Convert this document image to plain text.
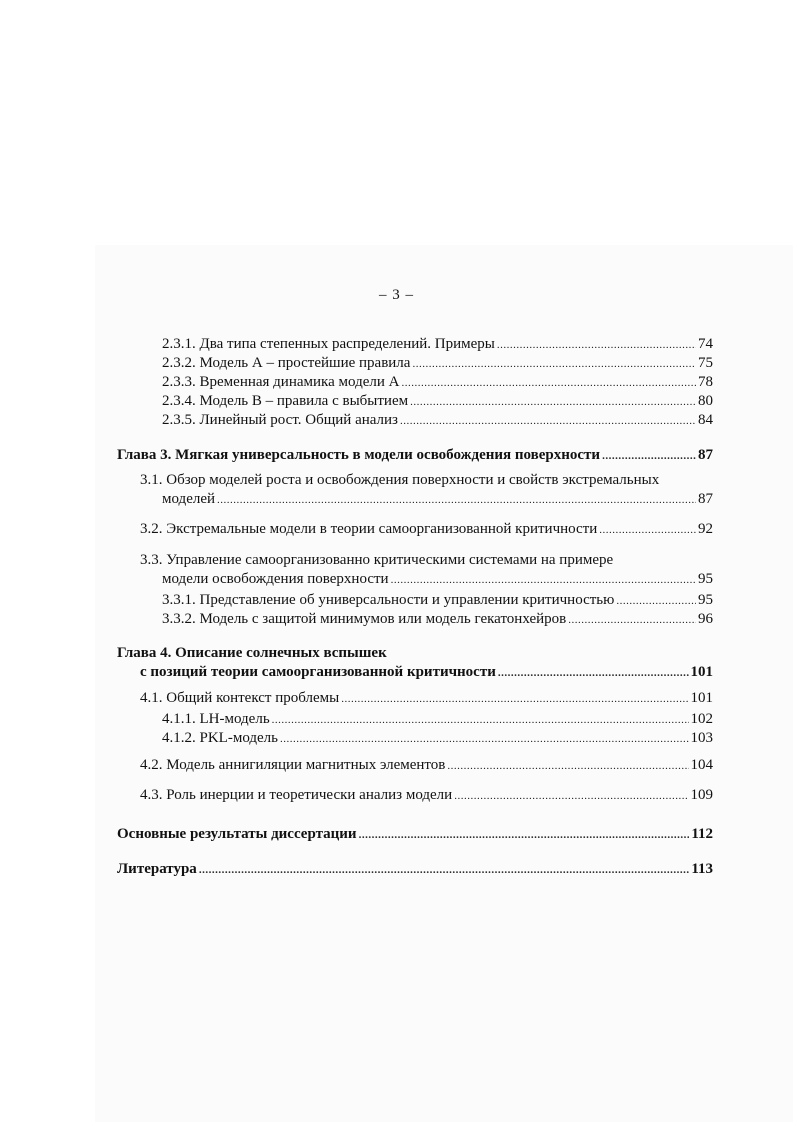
– 3 –
2.3.1. Два типа степенных распределений. Примеры .....	74
2.3.2. Модель А – простейшие правила .....	75
2.3.3. Временная динамика модели А .....	78
2.3.4. Модель В – правила с выбытием .....	80
2.3.5. Линейный рост. Общий анализ .....	84
Глава 3. Мягкая универсальность в модели освобождения поверхности .....	87
3.1. Обзор моделей роста и освобождения поверхности и свойств экстремальных
моделей .....	87
3.2. Экстремальные модели в теории самоорганизованной критичности .....	92
3.3. Управление самоорганизованно критическими системами на примере
модели освобождения поверхности .....	95
3.3.1. Представление об универсальности и управлении критичностью .....	95
3.3.2. Модель с защитой минимумов или модель гекатонхейров .....	96
Глава 4. Описание солнечных вспышек
с позиций теории самоорганизованной критичности .....	101
4.1. Общий контекст проблемы .....	101
4.1.1. LH-модель .....	102
4.1.2. PKL-модель .....	103
4.2. Модель аннигиляции магнитных элементов .....	104
4.3. Роль инерции и теоретически анализ модели .....	109
Основные результаты диссертации .....	112
Литература .....	113
